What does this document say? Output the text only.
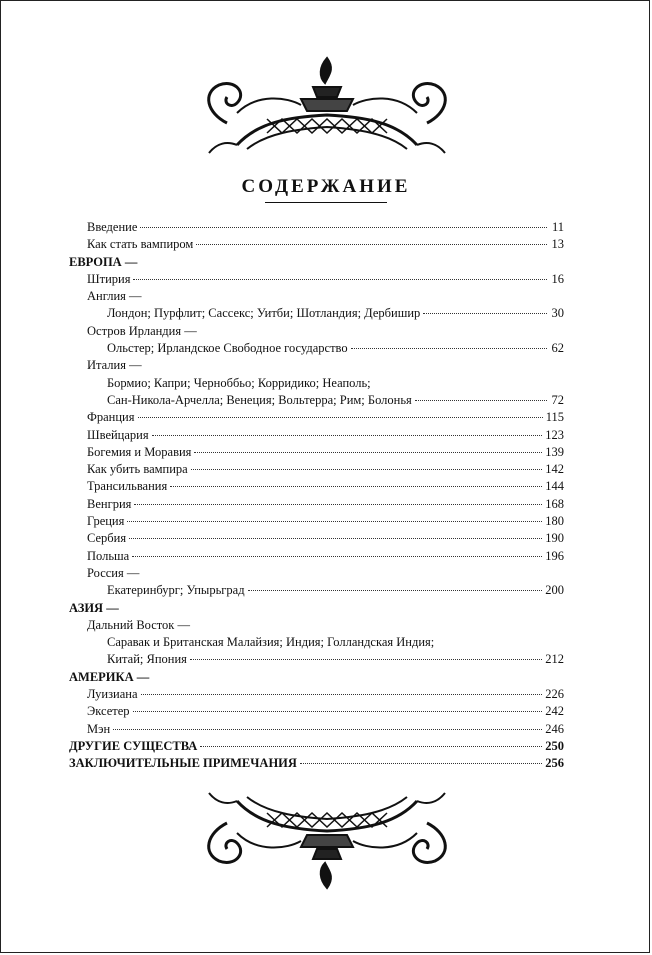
СОДЕРЖАНИЕ
Введение	11
Как стать вампиром	13
ЕВРОПА —
Штирия	16
Англия —
Лондон; Пурфлит; Сассекс; Уитби; Шотландия; Дербишир	30
Остров Ирландия —
Ольстер; Ирландское Свободное государство	62
Италия —
Бормио; Капри; Черноббьо; Корридико; Неаполь;
Сан-Никола-Арчелла; Венеция; Вольтерра; Рим; Болонья	72
Франция	115
Швейцария	123
Богемия и Моравия	139
Как убить вампира	142
Трансильвания	144
Венгрия	168
Греция	180
Сербия	190
Польша	196
Россия —
Екатеринбург; Упырьград	200
АЗИЯ —
Дальний Восток —
Саравак и Британская Малайзия; Индия; Голландская Индия;
Китай; Япония	212
АМЕРИКА —
Луизиана	226
Эксетер	242
Мэн	246
ДРУГИЕ СУЩЕСТВА	250
ЗАКЛЮЧИТЕЛЬНЫЕ ПРИМЕЧАНИЯ	256
